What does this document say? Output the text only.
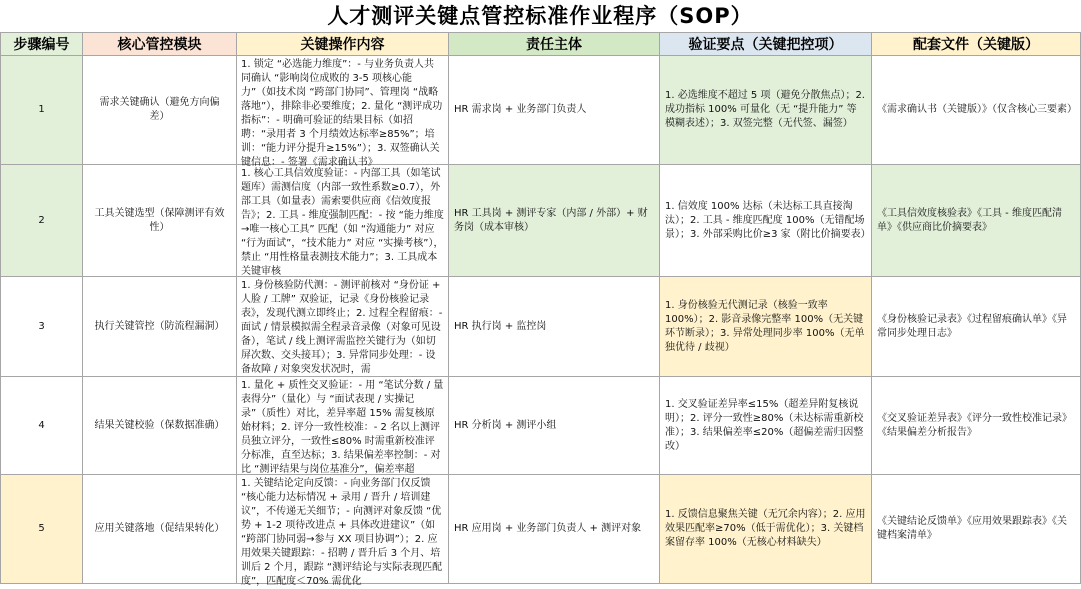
人才测评关键点管控标准作业程序（SOP）
步骤编号	核心管控模块	关键操作内容	责任主体	验证要点（关键把控项）	配套文件（关键版）

1	需求关键确认（避免方向偏差）	1. 锁定 “必选能力维度”：- 与业务负责人共同确认 “影响岗位成败的 3-5 项核心能力”（如技术岗 “跨部门协同”、管理岗 “战略落地”），排除非必要维度；2. 量化 “测评成功指标”：- 明确可验证的结果目标（如招聘：“录用者 3 个月绩效达标率≥85%”；培训：“能力评分提升≥15%”）；3. 双签确认关键信息：- 签署《需求确认书》	HR 需求岗 + 业务部门负责人	1. 必选维度不超过 5 项（避免分散焦点）；2. 成功指标 100% 可量化（无 “提升能力” 等模糊表述）；3. 双签完整（无代签、漏签）	《需求确认书（关键版）》（仅含核心三要素）

2	工具关键选型（保障测评有效性）	1. 核心工具信效度验证：- 内部工具（如笔试题库）需测信度（内部一致性系数≥0.7），外部工具（如量表）需索要供应商《信效度报告》；2. 工具 - 维度强制匹配：- 按 “能力维度→唯一核心工具” 匹配（如 “沟通能力” 对应 “行为面试”，“技术能力” 对应 “实操考核”），禁止 “用性格量表测技术能力”；3. 工具成本关键审核	HR 工具岗 + 测评专家（内部 / 外部）+ 财务岗（成本审核）	1. 信效度 100% 达标（未达标工具直接淘汰）；2. 工具 - 维度匹配度 100%（无错配场景）；3. 外部采购比价≥3 家（附比价摘要表）	《工具信效度核验表》《工具 - 维度匹配清单》《供应商比价摘要表》

3	执行关键管控（防流程漏洞）	1. 身份核验防代测：- 测评前核对 “身份证 + 人脸 / 工牌” 双验证，记录《身份核验记录表》，发现代测立即终止；2. 过程全程留痕：- 面试 / 情景模拟需全程录音录像（对象可见设备），笔试 / 线上测评需监控关键行为（如切屏次数、交头接耳）；3. 异常同步处理：- 设备故障 / 对象突发状况时，需	HR 执行岗 + 监控岗	1. 身份核验无代测记录（核验一致率 100%）；2. 影音录像完整率 100%（无关键环节断录）；3. 异常处理同步率 100%（无单独优待 / 歧视）	《身份核验记录表》《过程留痕确认单》《异常同步处理日志》

4	结果关键校验（保数据准确）	1. 量化 + 质性交叉验证：- 用 “笔试分数 / 量表得分”（量化）与 “面试表现 / 实操记录”（质性）对比，差异率超 15% 需复核原始材料；2. 评分一致性校准：- 2 名以上测评员独立评分，一致性≤80% 时需重新校准评分标准，直至达标；3. 结果偏差率控制：- 对比 “测评结果与岗位基准分”，偏差率超	HR 分析岗 + 测评小组	1. 交叉验证差异率≤15%（超差异附复核说明）；2. 评分一致性≥80%（未达标需重新校准）；3. 结果偏差率≤20%（超偏差需归因整改）	《交叉验证差异表》《评分一致性校准记录》《结果偏差分析报告》

5	应用关键落地（促结果转化）	1. 关键结论定向反馈：- 向业务部门仅反馈 “核心能力达标情况 + 录用 / 晋升 / 培训建议”，不传递无关细节；- 向测评对象反馈 “优势 + 1-2 项待改进点 + 具体改进建议”（如 “跨部门协同弱→参与 XX 项目协调”）；2. 应用效果关键跟踪：- 招聘 / 晋升后 3 个月、培训后 2 个月，跟踪 “测评结论与实际表现匹配度”，匹配度＜70% 需优化	HR 应用岗 + 业务部门负责人 + 测评对象	1. 反馈信息聚焦关键（无冗余内容）；2. 应用效果匹配率≥70%（低于需优化）；3. 关键档案留存率 100%（无核心材料缺失）	《关键结论反馈单》《应用效果跟踪表》《关键档案清单》
